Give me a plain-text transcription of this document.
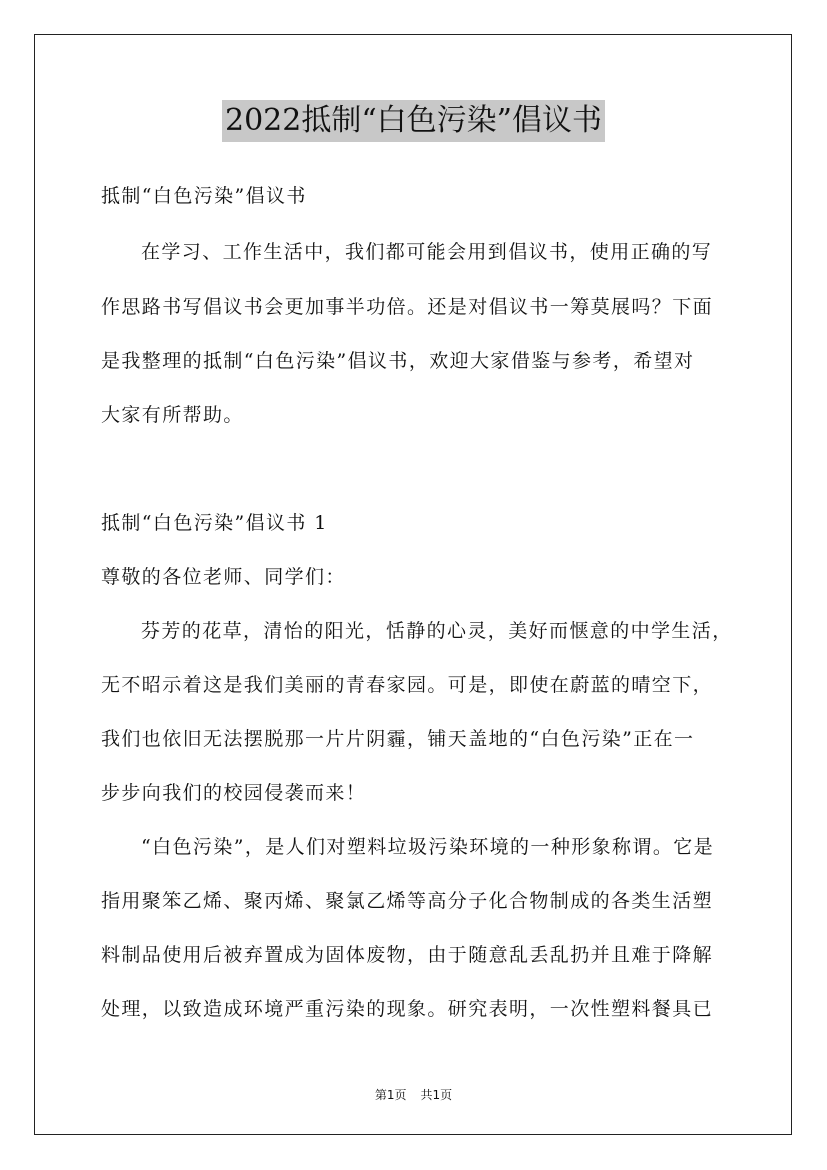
2022抵制“白色污染”倡议书
抵制“白色污染”倡议书
在学习、工作生活中，我们都可能会用到倡议书，使用正确的写
作思路书写倡议书会更加事半功倍。还是对倡议书一筹莫展吗？下面
是我整理的抵制“白色污染”倡议书，欢迎大家借鉴与参考，希望对
大家有所帮助。
抵制“白色污染”倡议书 1
尊敬的各位老师、同学们：
芬芳的花草，清怡的阳光，恬静的心灵，美好而惬意的中学生活，
无不昭示着这是我们美丽的青春家园。可是，即使在蔚蓝的晴空下，
我们也依旧无法摆脱那一片片阴霾，铺天盖地的“白色污染”正在一
步步向我们的校园侵袭而来！
“白色污染”，是人们对塑料垃圾污染环境的一种形象称谓。它是
指用聚笨乙烯、聚丙烯、聚氯乙烯等高分子化合物制成的各类生活塑
料制品使用后被弃置成为固体废物，由于随意乱丢乱扔并且难于降解
处理，以致造成环境严重污染的现象。研究表明，一次性塑料餐具已
第1页 共1页
